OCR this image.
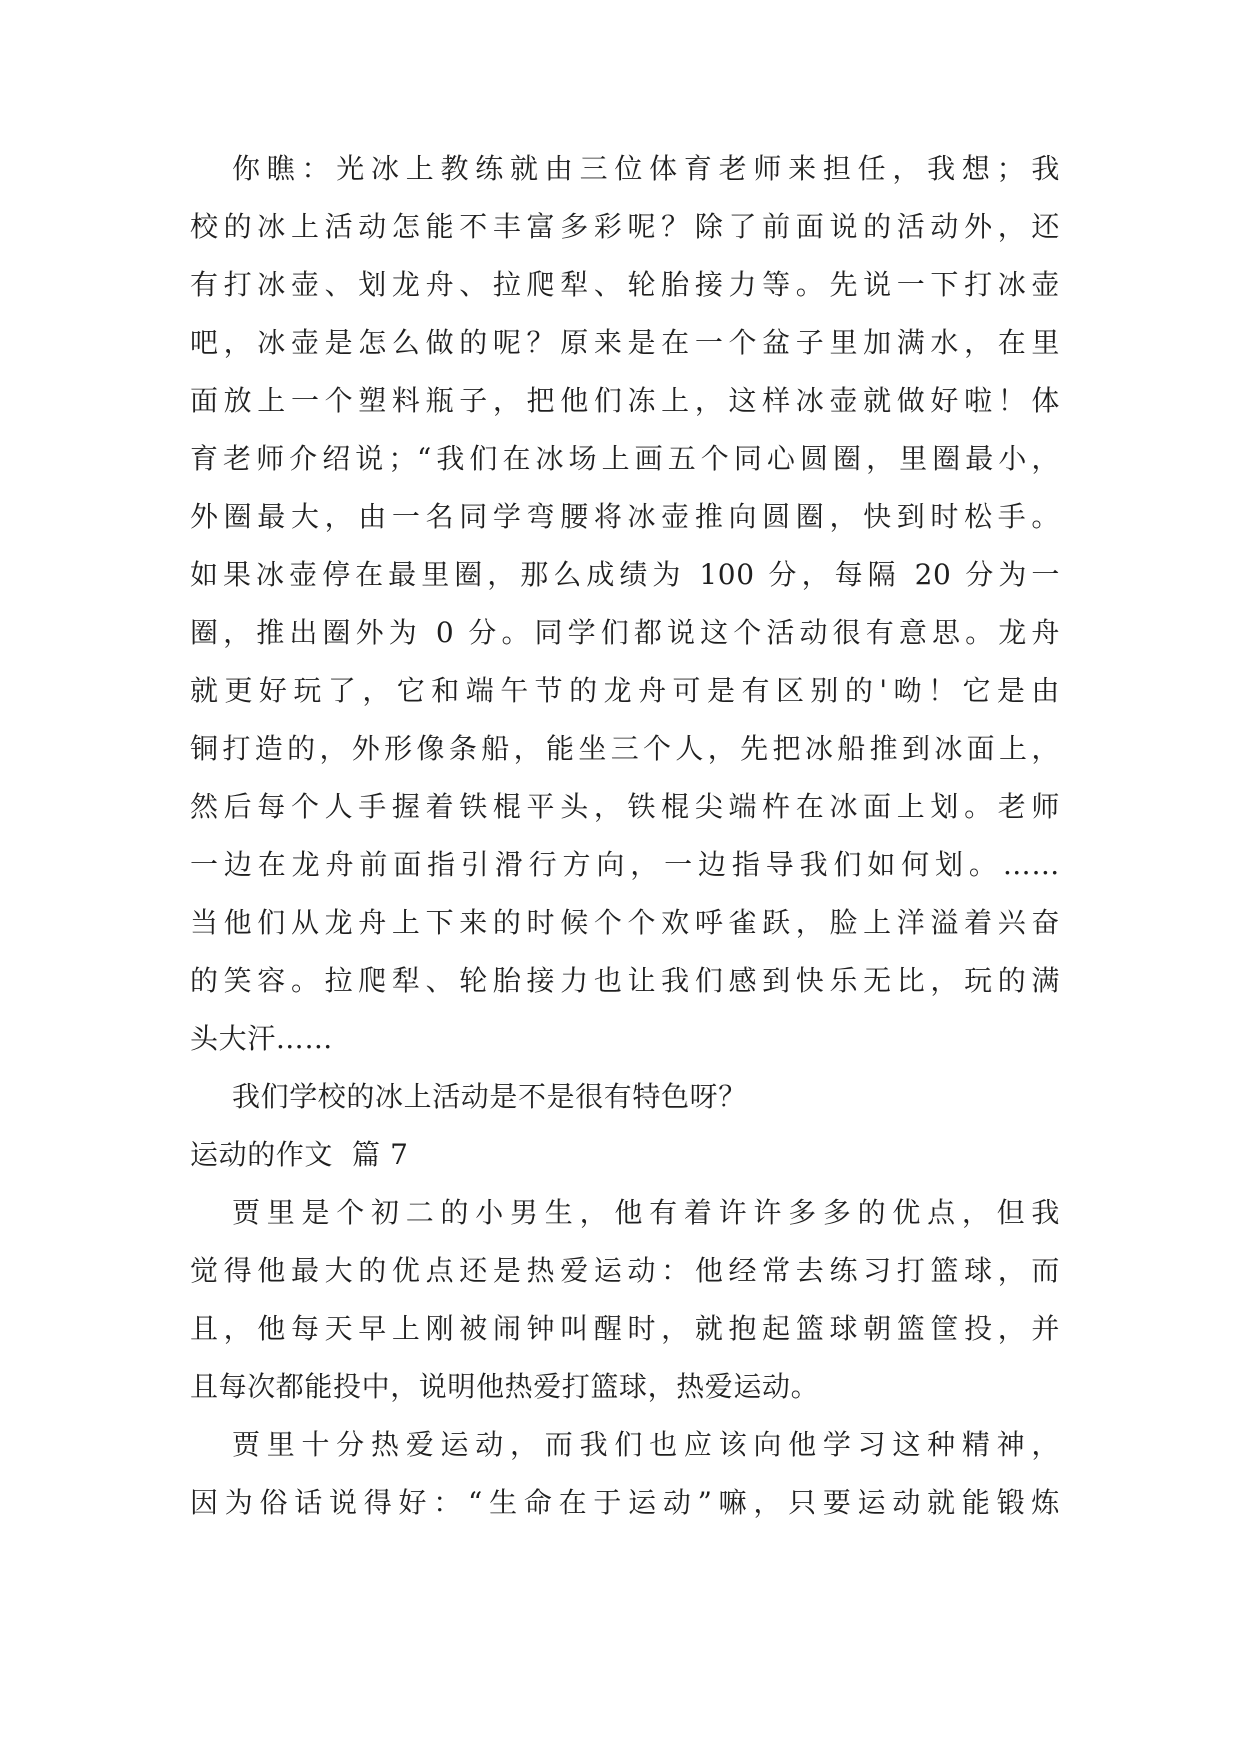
你瞧：光冰上教练就由三位体育老师来担任，我想；我
校的冰上活动怎能不丰富多彩呢？除了前面说的活动外，还
有打冰壶、划龙舟、拉爬犁、轮胎接力等。先说一下打冰壶
吧，冰壶是怎么做的呢？原来是在一个盆子里加满水，在里
面放上一个塑料瓶子，把他们冻上，这样冰壶就做好啦！体
育老师介绍说；“我们在冰场上画五个同心圆圈，里圈最小，
外圈最大，由一名同学弯腰将冰壶推向圆圈，快到时松手。
如果冰壶停在最里圈，那么成绩为 100 分，每隔 20 分为一
圈，推出圈外为 0 分。同学们都说这个活动很有意思。龙舟
就更好玩了，它和端午节的龙舟可是有区别的'呦！它是由
铜打造的，外形像条船，能坐三个人，先把冰船推到冰面上，
然后每个人手握着铁棍平头，铁棍尖端杵在冰面上划。老师
一边在龙舟前面指引滑行方向，一边指导我们如何划。……
当他们从龙舟上下来的时候个个欢呼雀跃，脸上洋溢着兴奋
的笑容。拉爬犁、轮胎接力也让我们感到快乐无比，玩的满
头大汗……
我们学校的冰上活动是不是很有特色呀？
运动的作文  篇 7
贾里是个初二的小男生，他有着许许多多的优点，但我
觉得他最大的优点还是热爱运动：他经常去练习打篮球，而
且，他每天早上刚被闹钟叫醒时，就抱起篮球朝篮筐投，并
且每次都能投中，说明他热爱打篮球，热爱运动。
贾里十分热爱运动，而我们也应该向他学习这种精神，
因为俗话说得好：“生命在于运动”嘛，只要运动就能锻炼
